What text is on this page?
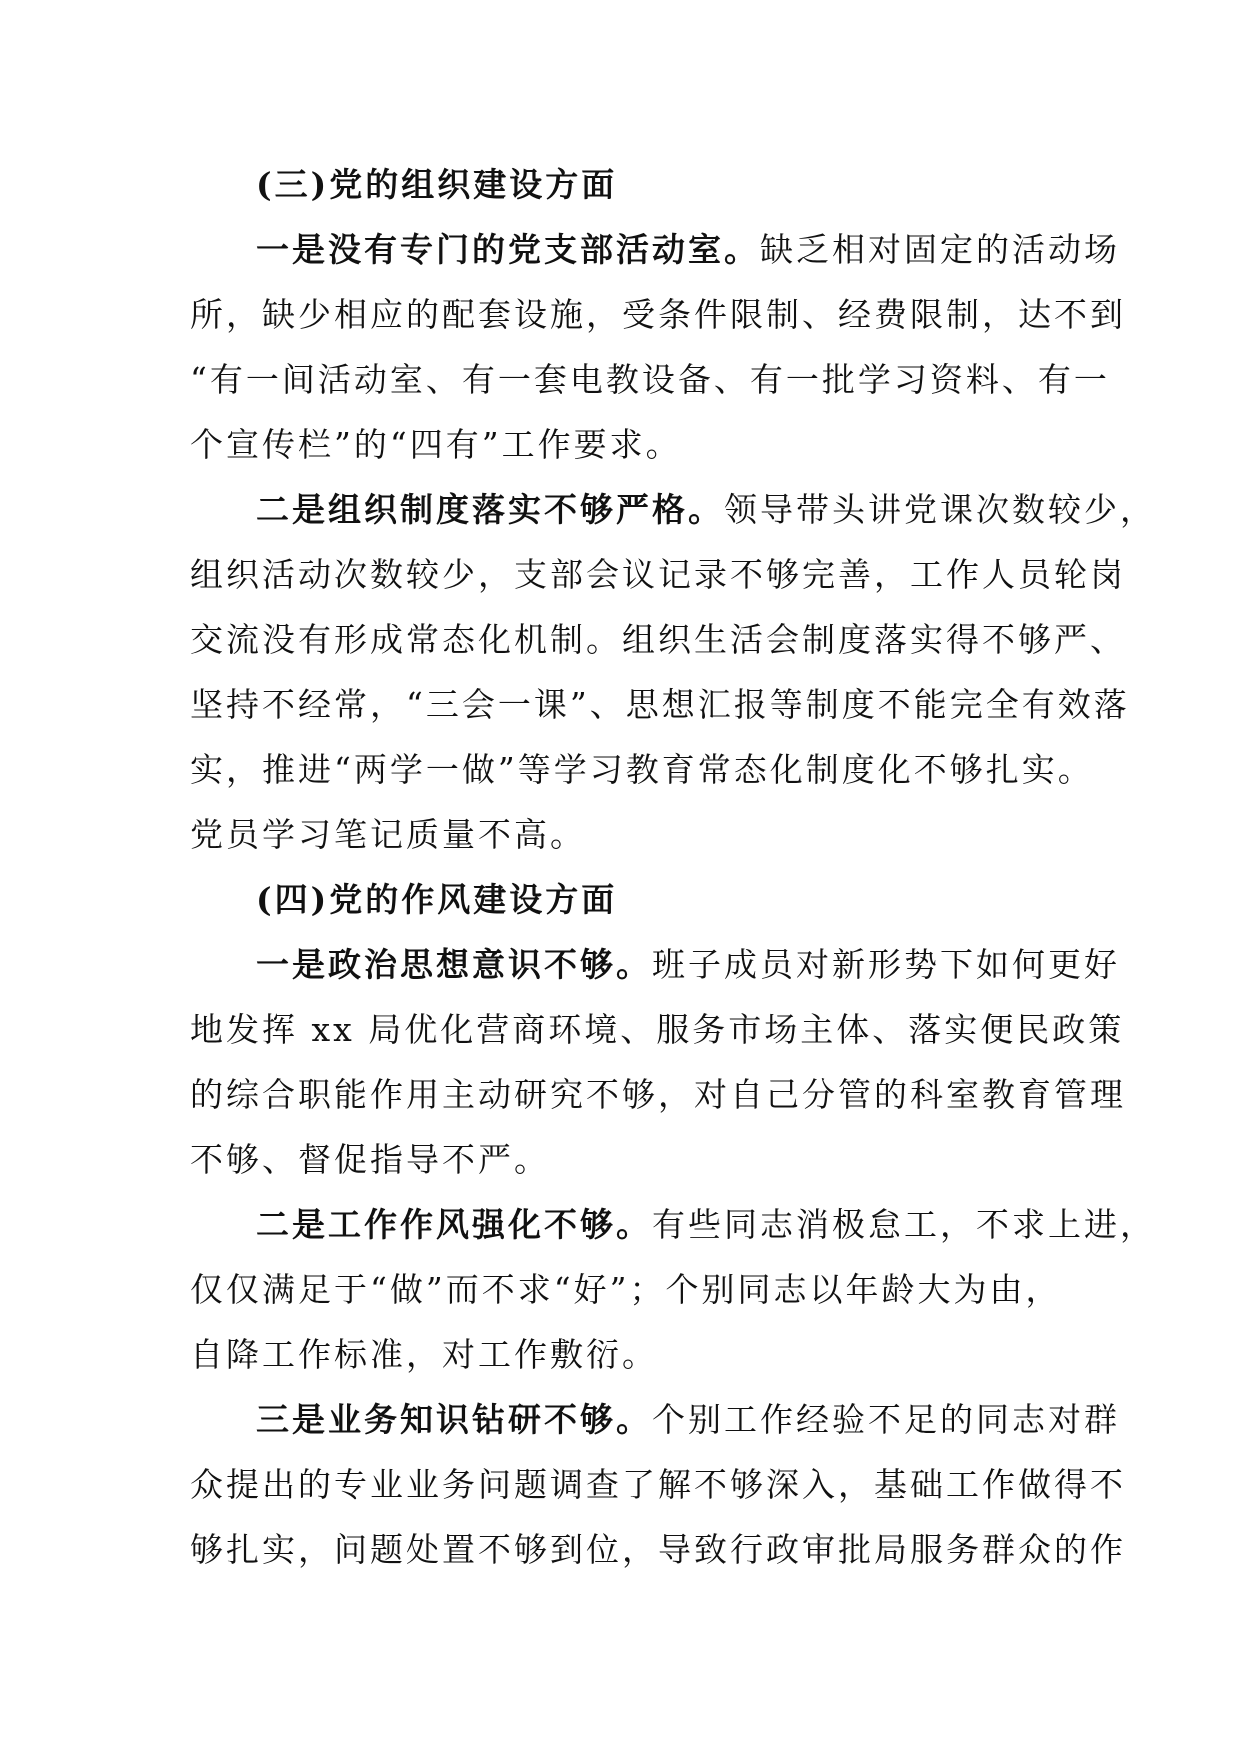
(三)党的组织建设方面
一是没有专门的党支部活动室。缺乏相对固定的活动场
所，缺少相应的配套设施，受条件限制、经费限制，达不到
“有一间活动室、有一套电教设备、有一批学习资料、有一
个宣传栏”的“四有”工作要求。
二是组织制度落实不够严格。领导带头讲党课次数较少，
组织活动次数较少，支部会议记录不够完善，工作人员轮岗
交流没有形成常态化机制。组织生活会制度落实得不够严、
坚持不经常，“三会一课”、思想汇报等制度不能完全有效落
实，推进“两学一做”等学习教育常态化制度化不够扎实。
党员学习笔记质量不高。
(四)党的作风建设方面
一是政治思想意识不够。班子成员对新形势下如何更好
地发挥 xx 局优化营商环境、服务市场主体、落实便民政策
的综合职能作用主动研究不够，对自己分管的科室教育管理
不够、督促指导不严。
二是工作作风强化不够。有些同志消极怠工，不求上进，
仅仅满足于“做”而不求“好”；个别同志以年龄大为由，
自降工作标准，对工作敷衍。
三是业务知识钻研不够。个别工作经验不足的同志对群
众提出的专业业务问题调查了解不够深入，基础工作做得不
够扎实，问题处置不够到位，导致行政审批局服务群众的作
